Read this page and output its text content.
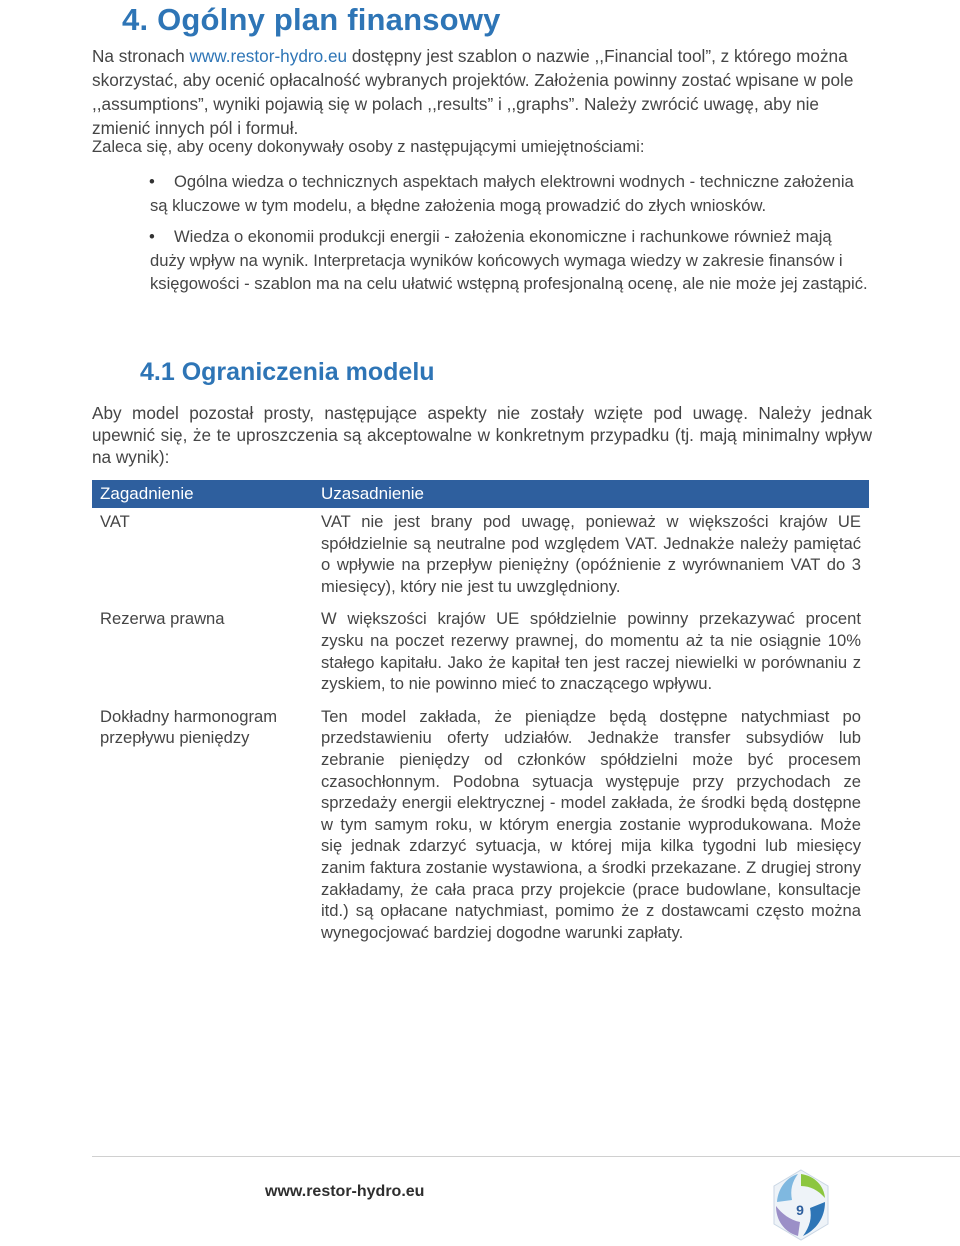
4. Ogólny plan finansowy

Na stronach www.restor-hydro.eu dostępny jest szablon o nazwie ,,Financial tool”, z którego można skorzystać, aby ocenić opłacalność wybranych projektów. Założenia powinny zostać wpisane w pole ,,assumptions”, wyniki pojawią się w polach ,,results” i ,,graphs”. Należy zwrócić uwagę, aby nie zmienić innych pól i formuł.

Zaleca się, aby oceny dokonywały osoby z następującymi umiejętnościami:

• Ogólna wiedza o technicznych aspektach małych elektrowni wodnych - techniczne założenia są kluczowe w tym modelu, a błędne założenia mogą prowadzić do złych wniosków.
• Wiedza o ekonomii produkcji energii - założenia ekonomiczne i rachunkowe również mają duży wpływ na wynik. Interpretacja wyników końcowych wymaga wiedzy w zakresie finansów i księgowości - szablon ma na celu ułatwić wstępną profesjonalną ocenę, ale nie może jej zastąpić.
4.1 Ograniczenia modelu

Aby model pozostał prosty, następujące aspekty nie zostały wzięte pod uwagę. Należy jednak upewnić się, że te uproszczenia są akceptowalne w konkretnym przypadku (tj. mają minimalny wpływ na wynik):

Zagadnienie	Uzasadnienie
VAT	VAT nie jest brany pod uwagę, ponieważ w większości krajów UE spółdzielnie są neutralne pod względem VAT. Jednakże należy pamiętać o wpływie na przepływ pieniężny (opóźnienie z wyrównaniem VAT do 3 miesięcy), który nie jest tu uwzględniony.
Rezerwa prawna	W większości krajów UE spółdzielnie powinny przekazywać procent zysku na poczet rezerwy prawnej, do momentu aż ta nie osiągnie 10% stałego kapitału. Jako że kapitał ten jest raczej niewielki w porównaniu z zyskiem, to nie powinno mieć to znaczącego wpływu.
Dokładny harmonogram przepływu pieniędzy	Ten model zakłada, że pieniądze będą dostępne natychmiast po przedstawieniu oferty udziałów. Jednakże transfer subsydiów lub zebranie pieniędzy od członków spółdzielni może być procesem czasochłonnym. Podobna sytuacja występuje przy przychodach ze sprzedaży energii elektrycznej - model zakłada, że środki będą dostępne w tym samym roku, w którym energia zostanie wyprodukowana. Może się jednak zdarzyć sytuacja, w której mija kilka tygodni lub miesięcy zanim faktura zostanie wystawiona, a środki przekazane. Z drugiej strony zakładamy, że cała praca przy projekcie (prace budowlane, konsultacje itd.) są opłacane natychmiast, pomimo że z dostawcami często można wynegocjować bardziej dogodne warunki zapłaty.
www.restor-hydro.eu
9
